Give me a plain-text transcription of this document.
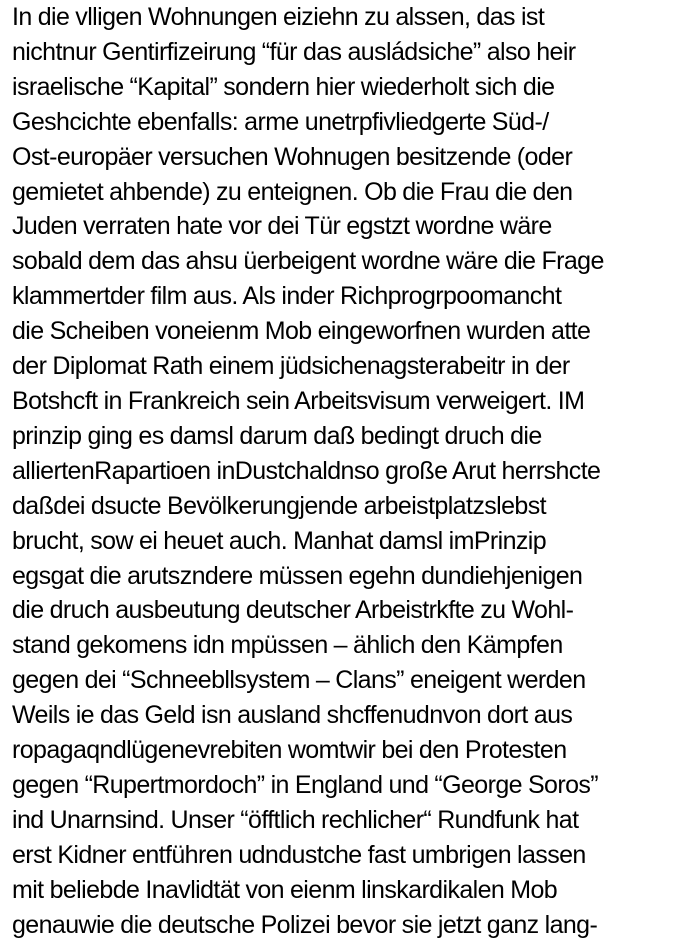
In die vlligen Wohnungen eiziehn zu alssen, das ist
nichtnur Gentirfizeirung “für das ausládsiche” also heir
israelische “Kapital” sondern hier wiederholt sich die
Geshcichte ebenfalls: arme unetrpfivliedgerte Süd-/
Ost-europäer versuchen Wohnugen besitzende (oder
gemietet ahbende) zu enteignen. Ob die Frau die den
Juden verraten hate vor dei Tür egstzt wordne wäre
sobald dem das ahsu üerbeigent wordne wäre die Frage
klammertder film aus. Als inder Richprogrpoomancht
die Scheiben voneienm Mob eingeworfnen wurden atte
der Diplomat Rath einem jüdsichenagsterabeitr in der
Botshcft in Frankreich sein Arbeitsvisum verweigert. IM
prinzip ging es damsl darum daß bedingt druch die
alliertenRapartioen inDustchaldnso große Arut herrshcte
daßdei dsucte Bevölkerungjende arbeistplatzslebst
brucht, sow ei heuet auch. Manhat damsl imPrinzip
egsgat die arutszndere müssen egehn dundiehjenigen
die druch ausbeutung deutscher Arbeistrkfte zu Wohl-
stand gekomens idn mpüssen – ählich den Kämpfen
gegen dei “Schneebllsystem – Clans” eneigent werden
Weils ie das Geld isn ausland shcffenudnvon dort aus
ropagaqndlügenevrebiten womtwir bei den Protesten
gegen “Rupertmordoch” in England und “George Soros”
ind Unarnsind. Unser “öfftlich rechlicher“ Rundfunk hat
erst Kidner entführen udndustche fast umbrigen lassen
mit beliebde Inavlidtät von eienm linskardikalen Mob
genauwie die deutsche Polizei bevor sie jetzt ganz lang-
